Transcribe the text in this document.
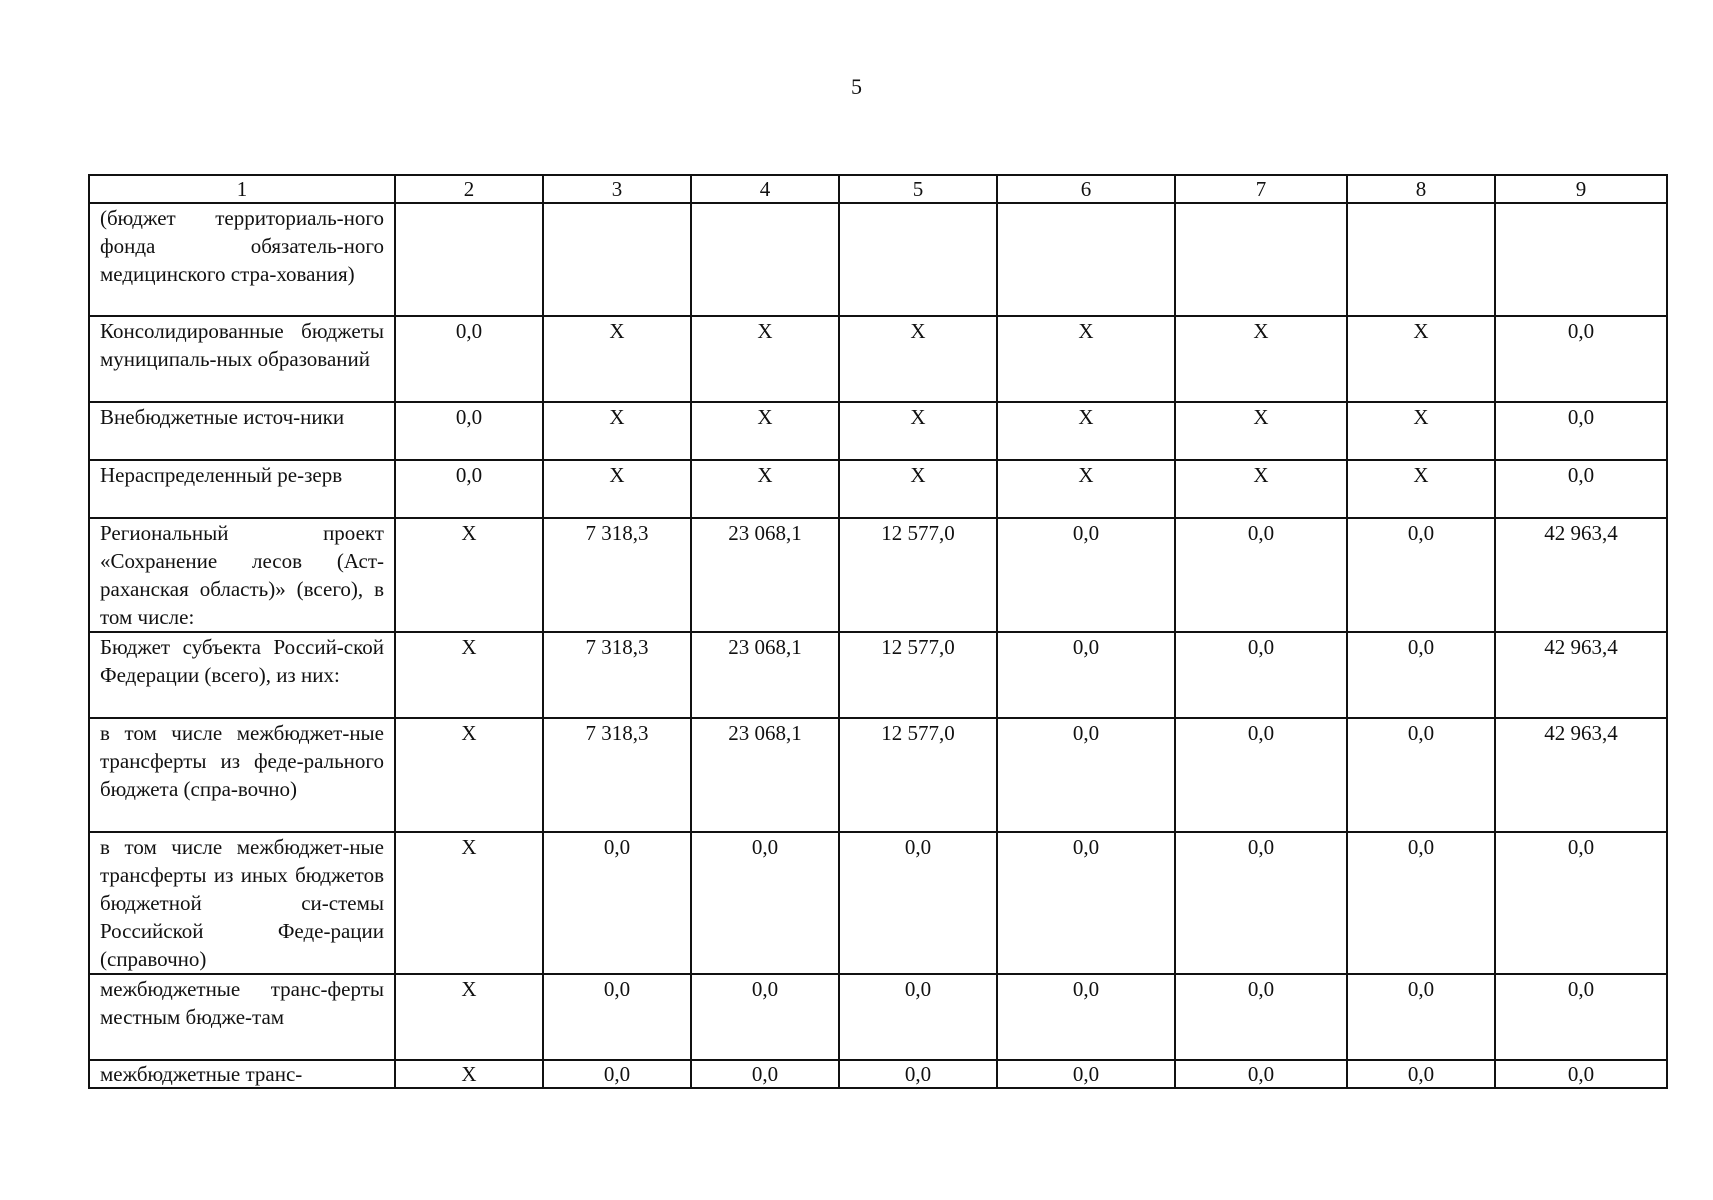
5
1	2	3	4	5	6	7	8	9
(бюджет территориаль-ного фонда обязатель-ного медицинского стра-хования)								
Консолидированные бюджеты муниципаль-ных образований	0,0	X	X	X	X	X	X	0,0
Внебюджетные источ-ники	0,0	X	X	X	X	X	X	0,0
Нераспределенный ре-зерв	0,0	X	X	X	X	X	X	0,0
Региональный проект «Сохранение лесов (Аст-раханская область)» (всего), в том числе:	X	7 318,3	23 068,1	12 577,0	0,0	0,0	0,0	42 963,4
Бюджет субъекта Россий-ской Федерации (всего), из них:	X	7 318,3	23 068,1	12 577,0	0,0	0,0	0,0	42 963,4
в том числе межбюджет-ные трансферты из феде-рального бюджета (спра-вочно)	X	7 318,3	23 068,1	12 577,0	0,0	0,0	0,0	42 963,4
в том числе межбюджет-ные трансферты из иных бюджетов бюджетной си-стемы Российской Феде-рации (справочно)	X	0,0	0,0	0,0	0,0	0,0	0,0	0,0
межбюджетные транс-ферты местным бюдже-там	X	0,0	0,0	0,0	0,0	0,0	0,0	0,0
межбюджетные транс-	X	0,0	0,0	0,0	0,0	0,0	0,0	0,0
